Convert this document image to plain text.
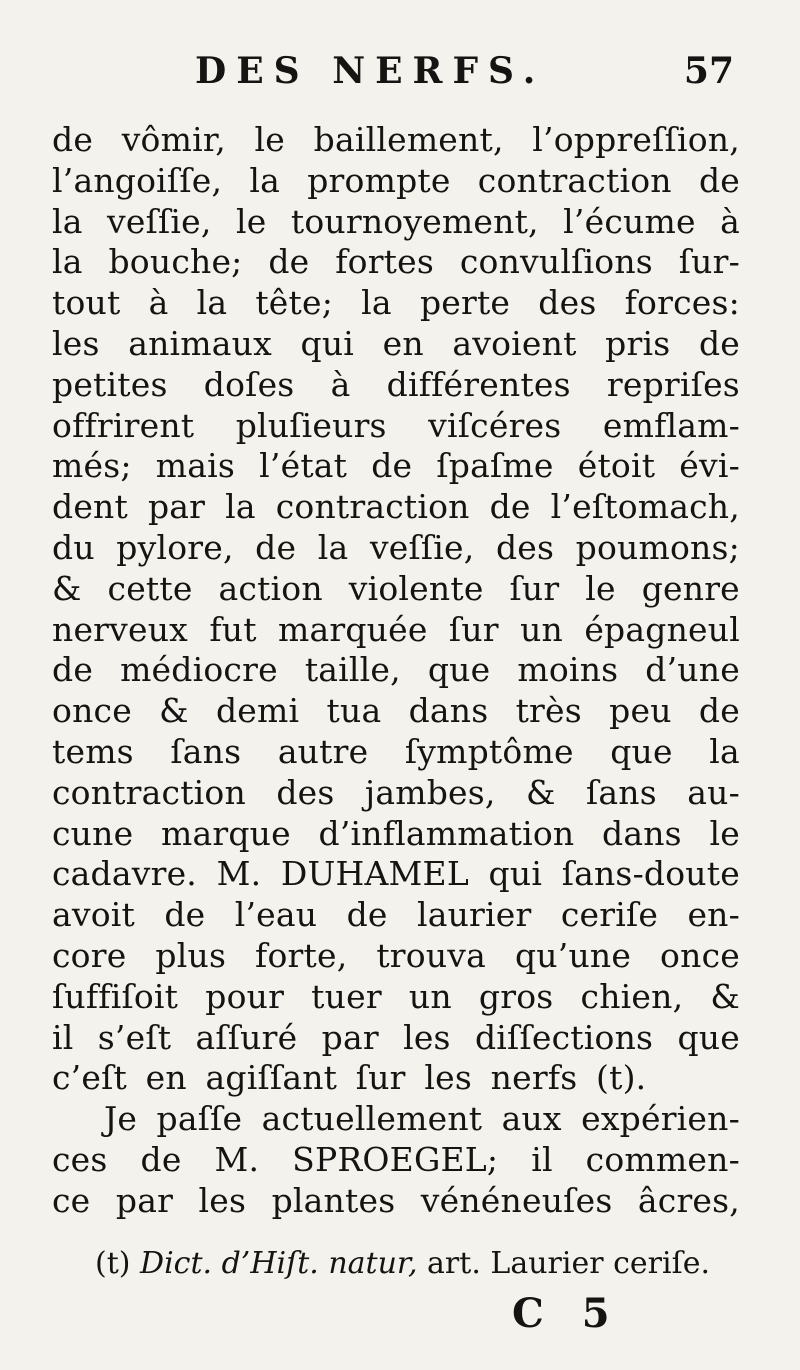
DES NERFS.	57
de vômir, le baillement, l’oppreſſion,
l’angoiſſe, la prompte contraction de
la veſſie, le tournoyement, l’écume à
la bouche; de fortes convulſions ſur-
tout à la tête; la perte des forces:
les animaux qui en avoient pris de
petites doſes à différentes repriſes
offrirent pluſieurs viſcéres emflam-
més; mais l’état de ſpaſme étoit évi-
dent par la contraction de l’eſtomach,
du pylore, de la veſſie, des poumons;
& cette action violente ſur le genre
nerveux fut marquée ſur un épagneul
de médiocre taille, que moins d’une
once & demi tua dans très peu de
tems ſans autre ſymptôme que la
contraction des jambes, & ſans au-
cune marque d’inflammation dans le
cadavre. M. DUHAMEL qui ſans-doute
avoit de l’eau de laurier ceriſe en-
core plus forte, trouva qu’une once
ſuffiſoit pour tuer un gros chien, &
il s’eſt aſſuré par les diſſections que
c’eſt en agiſſant ſur les nerfs (t).
Je paſſe actuellement aux expérien-
ces de M. SPROEGEL; il commen-
ce par les plantes vénéneuſes âcres,
(t) Dict. d’Hiſt. natur, art. Laurier ceriſe.
C 5
